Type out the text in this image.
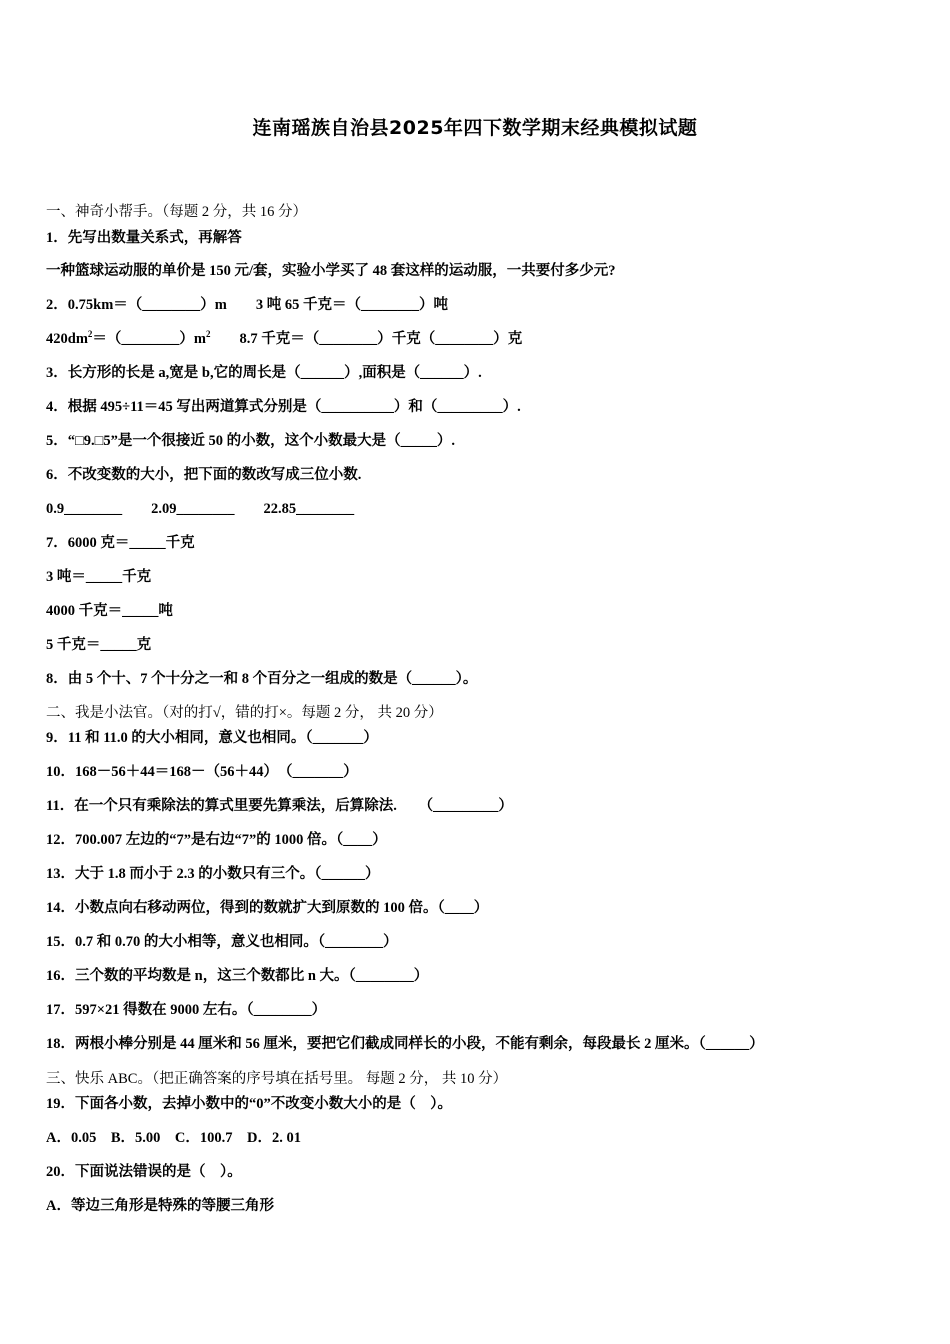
连南瑶族自治县2025年四下数学期末经典模拟试题
一、神奇小帮手。（每题 2 分，共 16 分）
1．先写出数量关系式，再解答
一种篮球运动服的单价是 150 元/套，实验小学买了 48 套这样的运动服，一共要付多少元?
2．0.75km＝（________）m　　3 吨 65 千克＝（________）吨
$420dm^2=(\_\_\_\_\_\_\_\_)m^2$　　8.7 千克＝（________）千克（________）克
3．长方形的长是 a,宽是 b,它的周长是（______）,面积是（______）.
4．根据 495÷11＝45 写出两道算式分别是（__________）和（_________）.
5．“□9.□5”是一个很接近 50 的小数，这个小数最大是（_____）.
6．不改变数的大小，把下面的数改写成三位小数.
0.9________　　2.09________　　22.85________
7．6000 克＝_____千克
3 吨＝_____千克
4000 千克＝_____吨
5 千克＝_____克
8．由 5 个十、7 个十分之一和 8 个百分之一组成的数是（______）。
二、我是小法官。（对的打√，错的打×。每题 2 分， 共 20 分）
9．11 和 11.0 的大小相同，意义也相同。（_______）
10．168－56＋44＝168－（56＋44）　（_______）
11．在一个只有乘除法的算式里要先算乘法，后算除法.　　（_________）
12．700.007 左边的“7”是右边“7”的 1000 倍。（____）
13．大于 1.8 而小于 2.3 的小数只有三个。（______）
14．小数点向右移动两位，得到的数就扩大到原数的 100 倍。（____）
15．0.7 和 0.70 的大小相等，意义也相同。（________）
16．三个数的平均数是 n，这三个数都比 n 大。（________）
17．597×21 得数在 9000 左右。（________）
18．两根小棒分别是 44 厘米和 56 厘米，要把它们截成同样长的小段，不能有剩余，每段最长 2 厘米。（______）
三、快乐 ABC。（把正确答案的序号填在括号里。 每题 2 分， 共 10 分）
19．下面各小数，去掉小数中的“0”不改变小数大小的是（　）。
A．0.05　B．5.00　C．100.7　D．2. 01
20．下面说法错误的是（　）。
A．等边三角形是特殊的等腰三角形
